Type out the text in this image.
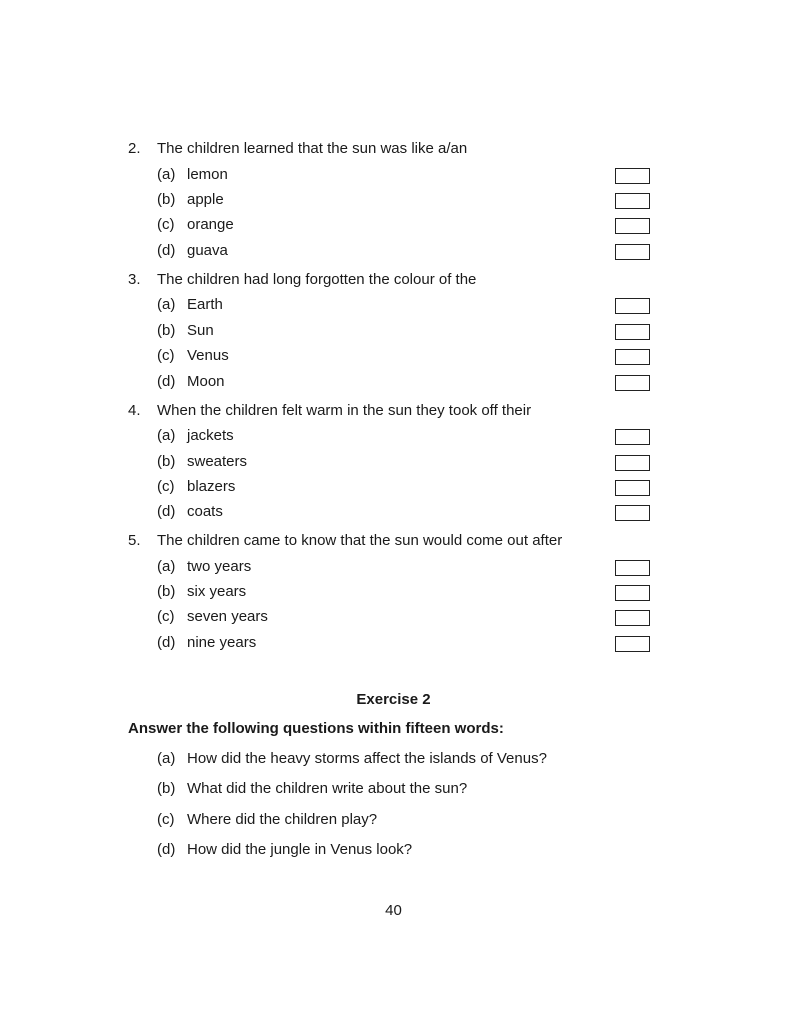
2. The children learned that the sun was like a/an
(a) lemon
(b) apple
(c) orange
(d) guava
3. The children had long forgotten the colour of the
(a) Earth
(b) Sun
(c) Venus
(d) Moon
4. When the children felt warm in the sun they took off their
(a) jackets
(b) sweaters
(c) blazers
(d) coats
5. The children came to know that the sun would come out after
(a) two years
(b) six years
(c) seven years
(d) nine years
Exercise 2
Answer the following questions within fifteen words:
(a) How did the heavy storms affect the islands of Venus?
(b) What did the children write about the sun?
(c) Where did the children play?
(d) How did the jungle in Venus look?
40
